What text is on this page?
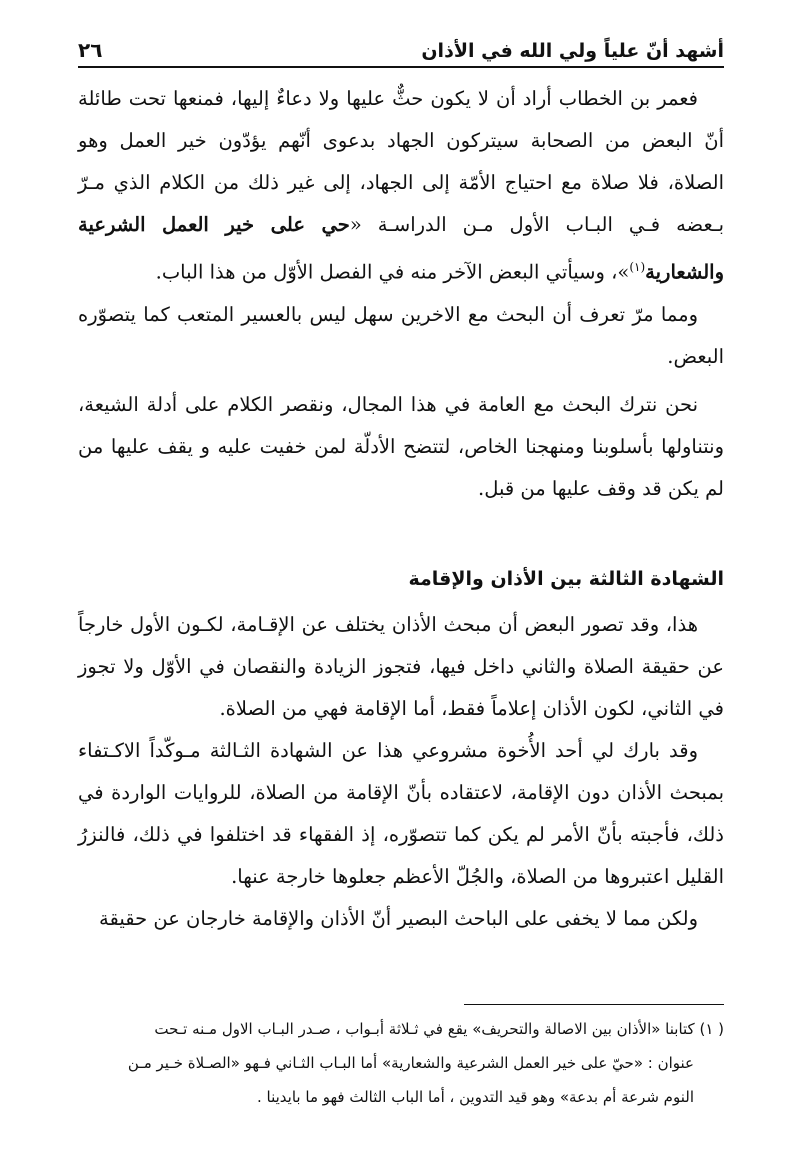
أشهد أنّ علياً ولي الله في الأذان
٢٦

فعمر بن الخطاب أراد أن لا يكون حثٌّ عليها ولا دعاءٌ إليها، فمنعها تحت طائلة أنّ البعض من الصحابة سيتركون الجهاد بدعوى أنّهم يؤدّون خير العمل وهو الصلاة، فلا صلاة مع احتياج الأمّة إلى الجهاد، إلى غير ذلك من الكلام الذي مـرّ بـعضه فـي البـاب الأول مـن الدراسـة «حي على خير العمل الشرعية والشعارية$^{(١)}$»، وسيأتي البعض الآخر منه في الفصل الأوّل من هذا الباب.

ومما مرّ تعرف أن البحث مع الاخرين سهل ليس بالعسير المتعب كما يتصوّره البعض.

نحن نترك البحث مع العامة في هذا المجال، ونقصر الكلام على أدلة الشيعة، ونتناولها بأسلوبنا ومنهجنا الخاص، لتتضح الأدلّة لمن خفيت عليه و يقف عليها من لم يكن قد وقف عليها من قبل.

الشهادة الثالثة بين الأذان والإقامة

هذا، وقد تصور البعض أن مبحث الأذان يختلف عن الإقـامة، لكـون الأول خارجاً عن حقيقة الصلاة والثاني داخل فيها، فتجوز الزيادة والنقصان في الأوّل ولا تجوز في الثاني، لكون الأذان إعلاماً فقط، أما الإقامة فهي من الصلاة.

وقد بارك لي أحد الأُخوة مشروعي هذا عن الشهادة الثـالثة مـوكّداً الاكـتفاء بمبحث الأذان دون الإقامة، لاعتقاده بأنّ الإقامة من الصلاة، للروايات الواردة في ذلك، فأجبته بأنّ الأمر لم يكن كما تتصوّره، إذ الفقهاء قد اختلفوا في ذلك، فالنزرُ القليل اعتبروها من الصلاة، والجُلّ الأعظم جعلوها خارجة عنها.

ولكن مما لا يخفى على الباحث البصير أنّ الأذان والإقامة خارجان عن حقيقة

( ١) كتابنا «الأذان بين الاصالة والتحريف» يقع في ثـلاثة أبـواب ، صـدر البـاب الاول مـنه تـحت

عنوان : «حيّ على خير العمل الشرعية والشعارية» أما البـاب الثـاني فـهو «الصـلاة خـير مـن

النوم شرعة أم بدعة» وهو قيد التدوين ، أما الباب الثالث فهو ما بايدينا .
